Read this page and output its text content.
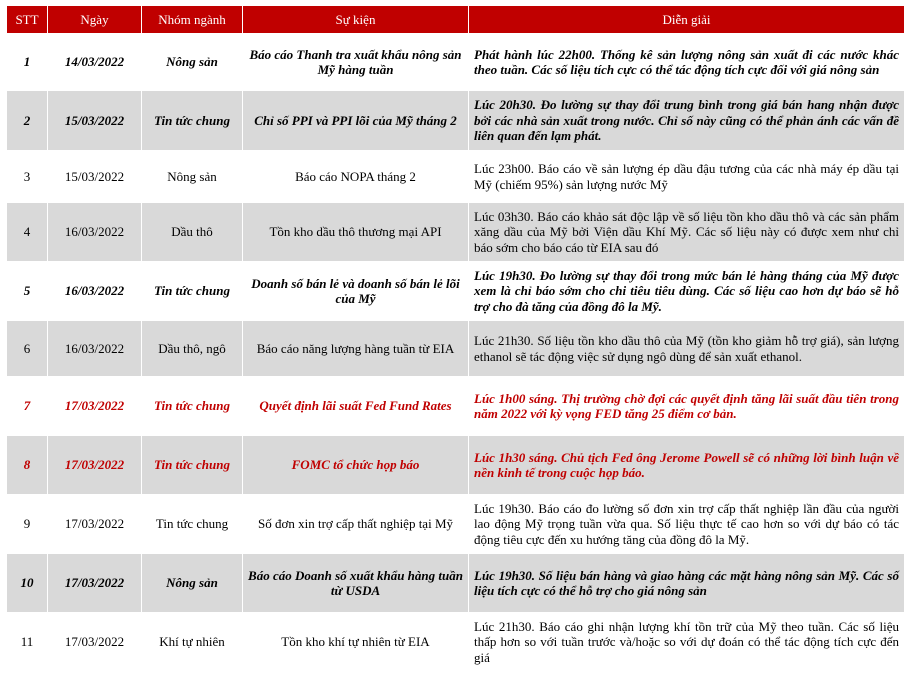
STT	Ngày	Nhóm ngành	Sự kiện	Diễn giải
1	14/03/2022	Nông sản	Báo cáo Thanh tra xuất khẩu nông sản Mỹ hàng tuần	Phát hành lúc 22h00. Thống kê sản lượng nông sản xuất đi các nước khác theo tuần. Các số liệu tích cực có thể tác động tích cực đối với giá nông sản
2	15/03/2022	Tin tức chung	Chỉ số PPI và PPI lõi của Mỹ tháng 2	Lúc 20h30. Đo lường sự thay đổi trung bình trong giá bán hang nhận được bởi các nhà sản xuất trong nước. Chỉ số này cũng có thể phản ánh các vấn đề liên quan đến lạm phát.
3	15/03/2022	Nông sản	Báo cáo NOPA tháng 2	Lúc 23h00. Báo cáo về sản lượng ép dầu đậu tương của các nhà máy ép dầu tại Mỹ (chiếm 95%) sản lượng nước Mỹ
4	16/03/2022	Dầu thô	Tồn kho dầu thô thương mại API	Lúc 03h30. Báo cáo khảo sát độc lập về số liệu tồn kho dầu thô và các sản phẩm xăng dầu của Mỹ bởi Viện dầu Khí Mỹ. Các số liệu này có được xem như chỉ báo sớm cho báo cáo từ EIA sau đó
5	16/03/2022	Tin tức chung	Doanh số bán lẻ và doanh số bán lẻ lõi của Mỹ	Lúc 19h30. Đo lường sự thay đổi trong mức bán lẻ hàng tháng của Mỹ được xem là chỉ báo sớm cho chi tiêu tiêu dùng. Các số liệu cao hơn dự báo sẽ hỗ trợ cho đà tăng của đồng đô la Mỹ.
6	16/03/2022	Dầu thô, ngô	Báo cáo năng lượng hàng tuần từ EIA	Lúc 21h30. Số liệu tồn kho dầu thô của Mỹ (tồn kho giảm hỗ trợ giá), sản lượng ethanol sẽ tác động việc sử dụng ngô dùng để sản xuất ethanol.
7	17/03/2022	Tin tức chung	Quyết định lãi suất Fed Fund Rates	Lúc 1h00 sáng. Thị trường chờ đợi các quyết định tăng lãi suất đầu tiên trong năm 2022 với kỳ vọng FED tăng 25 điểm cơ bản.
8	17/03/2022	Tin tức chung	FOMC tổ chức họp báo	Lúc 1h30 sáng. Chủ tịch Fed ông Jerome Powell sẽ có những lời bình luận về nền kinh tế trong cuộc họp báo.
9	17/03/2022	Tin tức chung	Số đơn xin trợ cấp thất nghiệp tại Mỹ	Lúc 19h30. Báo cáo đo lường số đơn xin trợ cấp thất nghiệp lần đầu của người lao động Mỹ trọng tuần vừa qua. Số liệu thực tế cao hơn so với dự báo có tác động tiêu cực đến xu hướng tăng của đồng đô la Mỹ.
10	17/03/2022	Nông sản	Báo cáo Doanh số xuất khẩu hàng tuần từ USDA	Lúc 19h30. Số liệu bán hàng và giao hàng các mặt hàng nông sản Mỹ. Các số liệu tích cực có thể hỗ trợ cho giá nông sản
11	17/03/2022	Khí tự nhiên	Tồn kho khí tự nhiên từ EIA	Lúc 21h30. Báo cáo ghi nhận lượng khí tồn trữ của Mỹ theo tuần. Các số liệu thấp hơn so với tuần trước và/hoặc so với dự đoán có thể tác động tích cực đến giá
